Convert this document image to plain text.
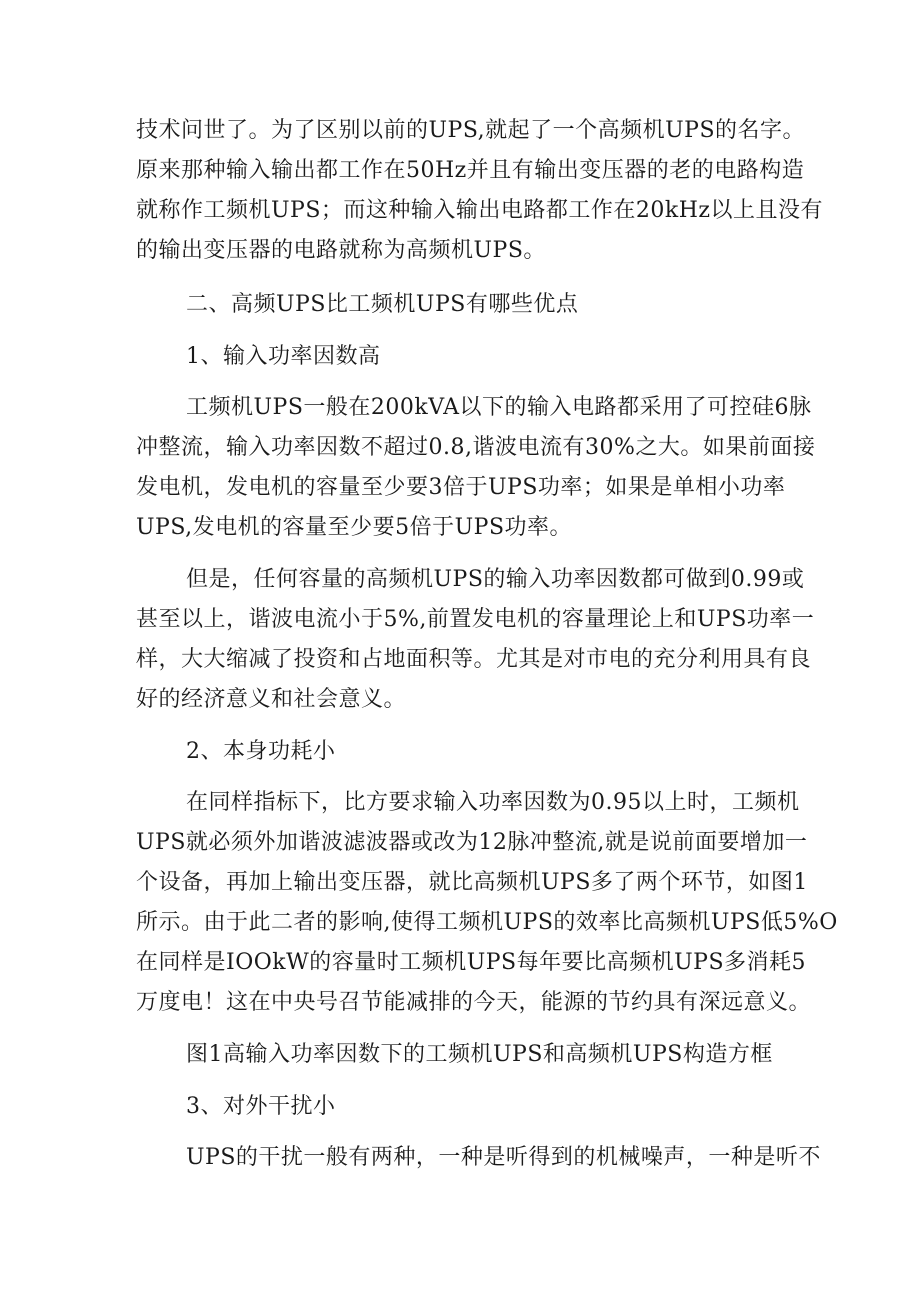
技术问世了。为了区别以前的UPS,就起了一个高频机UPS的名字。
原来那种输入输出都工作在50Hz并且有输出变压器的老的电路构造
就称作工频机UPS；而这种输入输出电路都工作在20kHz以上且没有
的输出变压器的电路就称为高频机UPS。
二、高频UPS比工频机UPS有哪些优点
1、输入功率因数高
工频机UPS一般在200kVA以下的输入电路都采用了可控硅6脉
冲整流，输入功率因数不超过0.8,谐波电流有30%之大。如果前面接
发电机，发电机的容量至少要3倍于UPS功率；如果是单相小功率
UPS,发电机的容量至少要5倍于UPS功率。
但是，任何容量的高频机UPS的输入功率因数都可做到0.99或
甚至以上，谐波电流小于5%,前置发电机的容量理论上和UPS功率一
样，大大缩减了投资和占地面积等。尤其是对市电的充分利用具有良
好的经济意义和社会意义。
2、本身功耗小
在同样指标下，比方要求输入功率因数为0.95以上时，工频机
UPS就必须外加谐波滤波器或改为12脉冲整流,就是说前面要增加一
个设备，再加上输出变压器，就比高频机UPS多了两个环节，如图1
所示。由于此二者的影响,使得工频机UPS的效率比高频机UPS低5%O
在同样是IOOkW的容量时工频机UPS每年要比高频机UPS多消耗5
万度电！这在中央号召节能减排的今天，能源的节约具有深远意义。
图1高输入功率因数下的工频机UPS和高频机UPS构造方框
3、对外干扰小
UPS的干扰一般有两种，一种是听得到的机械噪声，一种是听不
